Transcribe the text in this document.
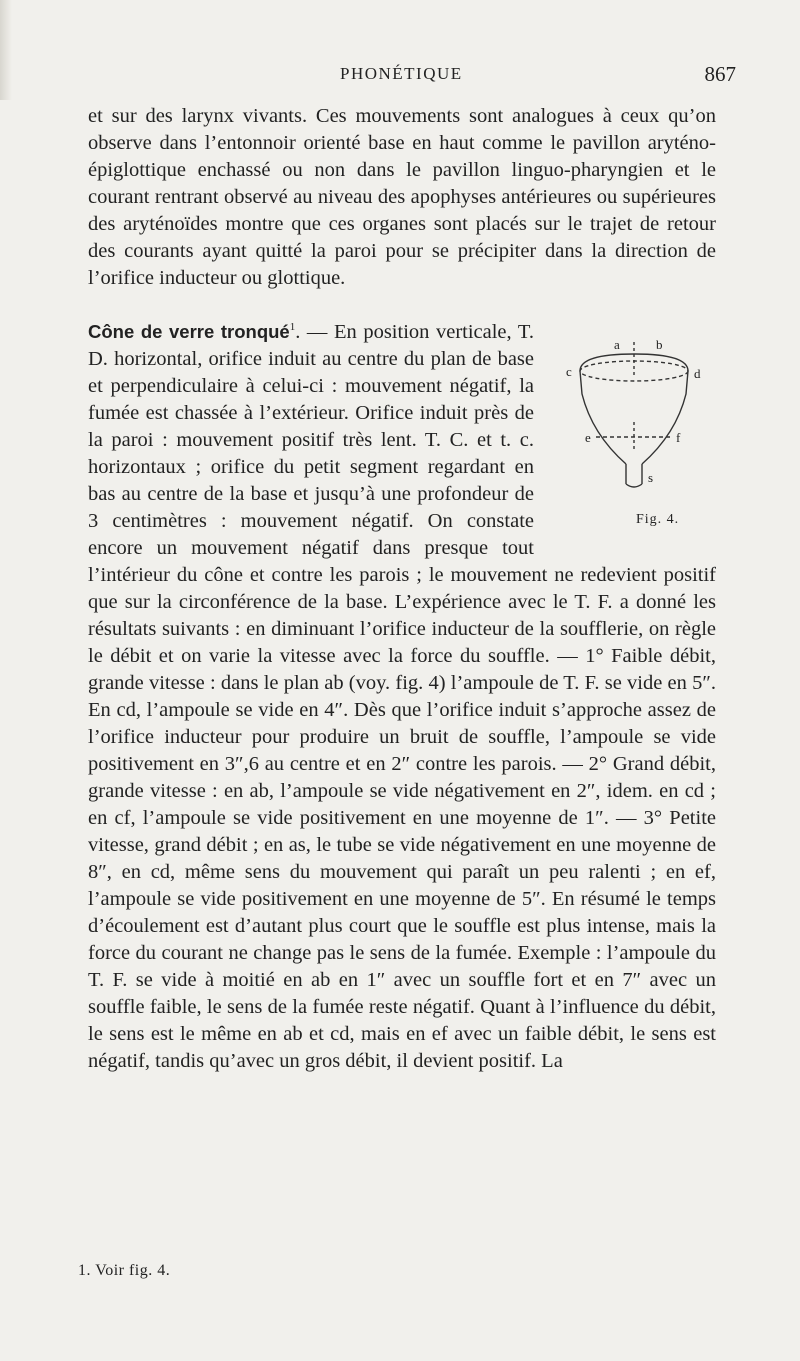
PHONÉTIQUE	867

et sur des larynx vivants. Ces mouvements sont analogues à ceux qu’on observe dans l’entonnoir orienté base en haut comme le pavillon aryténo-épiglottique enchassé ou non dans le pavillon linguo-pharyngien et le courant rentrant observé au niveau des apophyses antérieures ou supérieures des aryténoïdes montre que ces organes sont placés sur le trajet de retour des courants ayant quitté la paroi pour se précipiter dans la direction de l’orifice inducteur ou glottique.

a	b
c	d
e	f
s
Fig. 4.
Cône de verre tronqué$^1$. — En position verticale, T. D. horizontal, orifice induit au centre du plan de base et perpendiculaire à celui-ci : mouvement négatif, la fumée est chassée à l’extérieur. Orifice induit près de la paroi : mouvement positif très lent. T. C. et t. c. horizontaux ; orifice du petit segment regardant en bas au centre de la base et jusqu’à une profondeur de 3 centimètres : mouvement négatif. On constate encore un mouvement négatif dans presque tout l’intérieur du cône et contre les parois ; le mouvement ne redevient positif que sur la circonférence de la base. L’expérience avec le T. F. a donné les résultats suivants : en diminuant l’orifice inducteur de la soufflerie, on règle le débit et on varie la vitesse avec la force du souffle. — 1° Faible débit, grande vitesse : dans le plan ab (voy. fig. 4) l’ampoule de T. F. se vide en 5″. En cd, l’ampoule se vide en 4″. Dès que l’orifice induit s’approche assez de l’orifice inducteur pour produire un bruit de souffle, l’ampoule se vide positivement en 3″,6 au centre et en 2″ contre les parois. — 2° Grand débit, grande vitesse : en ab, l’ampoule se vide négativement en 2″, idem. en cd ; en cf, l’ampoule se vide positivement en une moyenne de 1″. — 3° Petite vitesse, grand débit ; en as, le tube se vide négativement en une moyenne de 8″, en cd, même sens du mouvement qui paraît un peu ralenti ; en ef, l’ampoule se vide positivement en une moyenne de 5″. En résumé le temps d’écoulement est d’autant plus court que le souffle est plus intense, mais la force du courant ne change pas le sens de la fumée. Exemple : l’ampoule du T. F. se vide à moitié en ab en 1″ avec un souffle fort et en 7″ avec un souffle faible, le sens de la fumée reste négatif. Quant à l’influence du débit, le sens est le même en ab et cd, mais en ef avec un faible débit, le sens est négatif, tandis qu’avec un gros débit, il devient positif. La

1. Voir fig. 4.
